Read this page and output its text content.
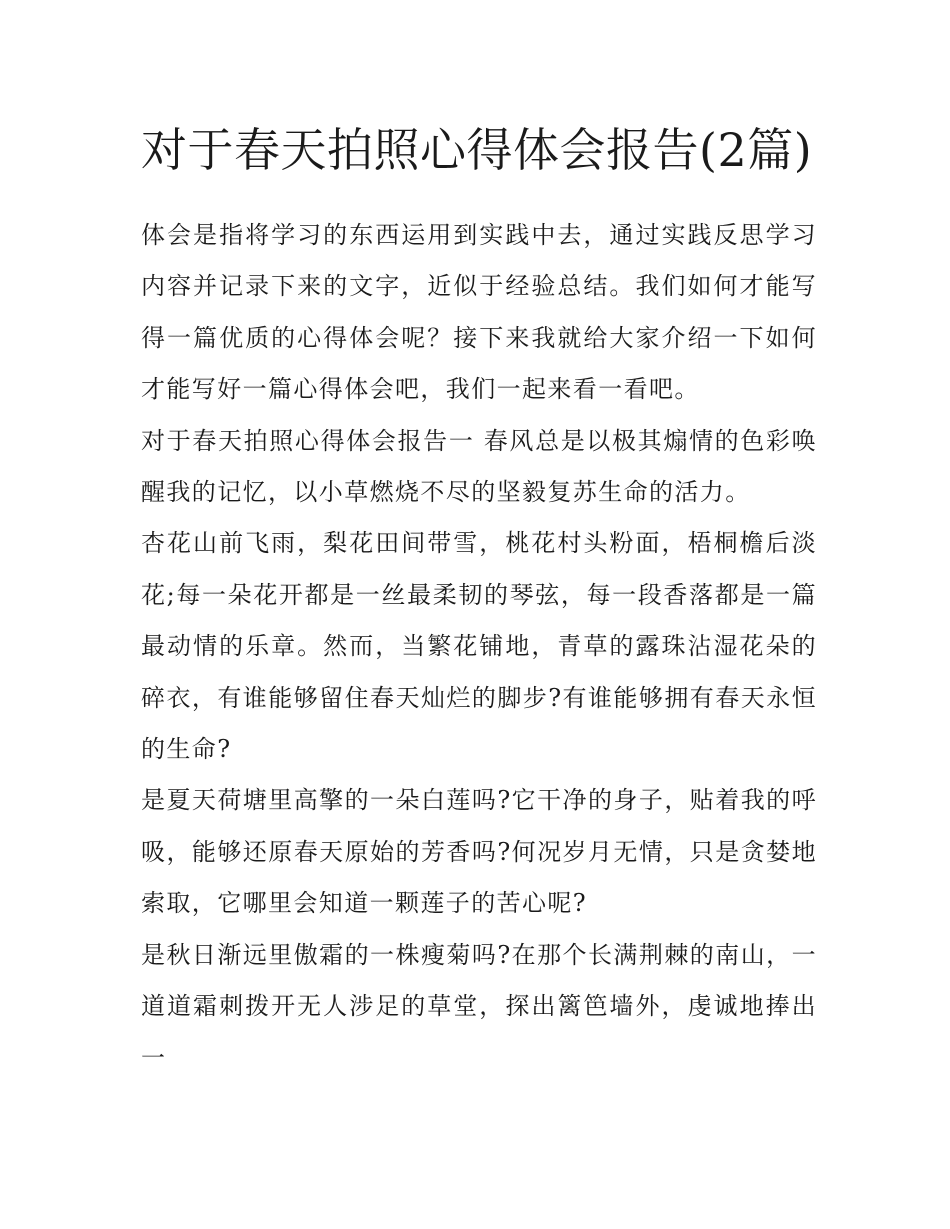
对于春天拍照心得体会报告(2篇)

体会是指将学习的东西运用到实践中去，通过实践反思学习内容并记录下来的文字，近似于经验总结。我们如何才能写得一篇优质的心得体会呢？接下来我就给大家介绍一下如何才能写好一篇心得体会吧，我们一起来看一看吧。

对于春天拍照心得体会报告一 春风总是以极其煽情的色彩唤醒我的记忆，以小草燃烧不尽的坚毅复苏生命的活力。

杏花山前飞雨，梨花田间带雪，桃花村头粉面，梧桐檐后淡花;每一朵花开都是一丝最柔韧的琴弦，每一段香落都是一篇最动情的乐章。然而，当繁花铺地，青草的露珠沾湿花朵的碎衣，有谁能够留住春天灿烂的脚步?有谁能够拥有春天永恒的生命?

是夏天荷塘里高擎的一朵白莲吗?它干净的身子，贴着我的呼吸，能够还原春天原始的芳香吗?何况岁月无情，只是贪婪地索取，它哪里会知道一颗莲子的苦心呢?

是秋日渐远里傲霜的一株瘦菊吗?在那个长满荆棘的南山，一道道霜刺拨开无人涉足的草堂，探出篱笆墙外，虔诚地捧出一
